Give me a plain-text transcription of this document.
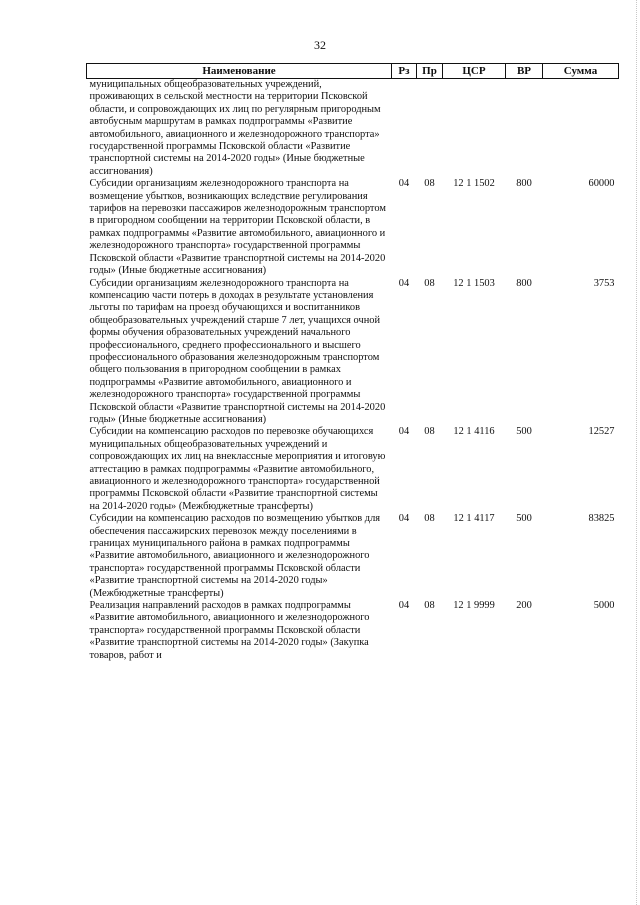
32
Наименование	Рз	Пр	ЦСР	ВР	Сумма
муниципальных общеобразовательных учреждений, проживающих в сельской местности на территории Псковской области, и сопровождающих их лиц по регулярным пригородным автобусным маршрутам в рамках подпрограммы «Развитие автомобильного, авиационного и железнодорожного транспорта» государственной программы Псковской области «Развитие транспортной системы на 2014-2020 годы» (Иные бюджетные ассигнования)					
Субсидии организациям железнодорожного транспорта на возмещение убытков, возникающих вследствие регулирования тарифов на перевозки пассажиров железнодорожным транспортом в пригородном сообщении на территории Псковской области, в рамках подпрограммы «Развитие автомобильного, авиационного и железнодорожного транспорта» государственной программы Псковской области «Развитие транспортной системы на 2014-2020 годы» (Иные бюджетные ассигнования)	04	08	12 1 1502	800	60000
Субсидии организациям железнодорожного транспорта на компенсацию части потерь в доходах в результате установления льготы по тарифам на проезд обучающихся и воспитанников общеобразовательных учреждений старше 7 лет, учащихся очной формы обучения образовательных учреждений начального профессионального, среднего профессионального и высшего профессионального образования железнодорожным транспортом общего пользования в пригородном сообщении в рамках подпрограммы «Развитие автомобильного, авиационного и железнодорожного транспорта» государственной программы Псковской области «Развитие транспортной системы на 2014-2020 годы» (Иные бюджетные ассигнования)	04	08	12 1 1503	800	3753
Субсидии на компенсацию расходов по перевозке обучающихся муниципальных общеобразовательных учреждений и сопровождающих их лиц на внеклассные мероприятия и итоговую аттестацию в рамках подпрограммы «Развитие автомобильного, авиационного и железнодорожного транспорта» государственной программы Псковской области «Развитие транспортной системы на 2014-2020 годы» (Межбюджетные трансферты)	04	08	12 1 4116	500	12527
Субсидии на компенсацию расходов по возмещению убытков для обеспечения пассажирских перевозок между поселениями в границах муниципального района в рамках подпрограммы «Развитие автомобильного, авиационного и железнодорожного транспорта» государственной программы Псковской области «Развитие транспортной системы на 2014-2020 годы» (Межбюджетные трансферты)	04	08	12 1 4117	500	83825
Реализация направлений расходов в рамках подпрограммы «Развитие автомобильного, авиационного и железнодорожного транспорта» государственной программы Псковской области «Развитие транспортной системы на 2014-2020 годы» (Закупка товаров, работ и	04	08	12 1 9999	200	5000
